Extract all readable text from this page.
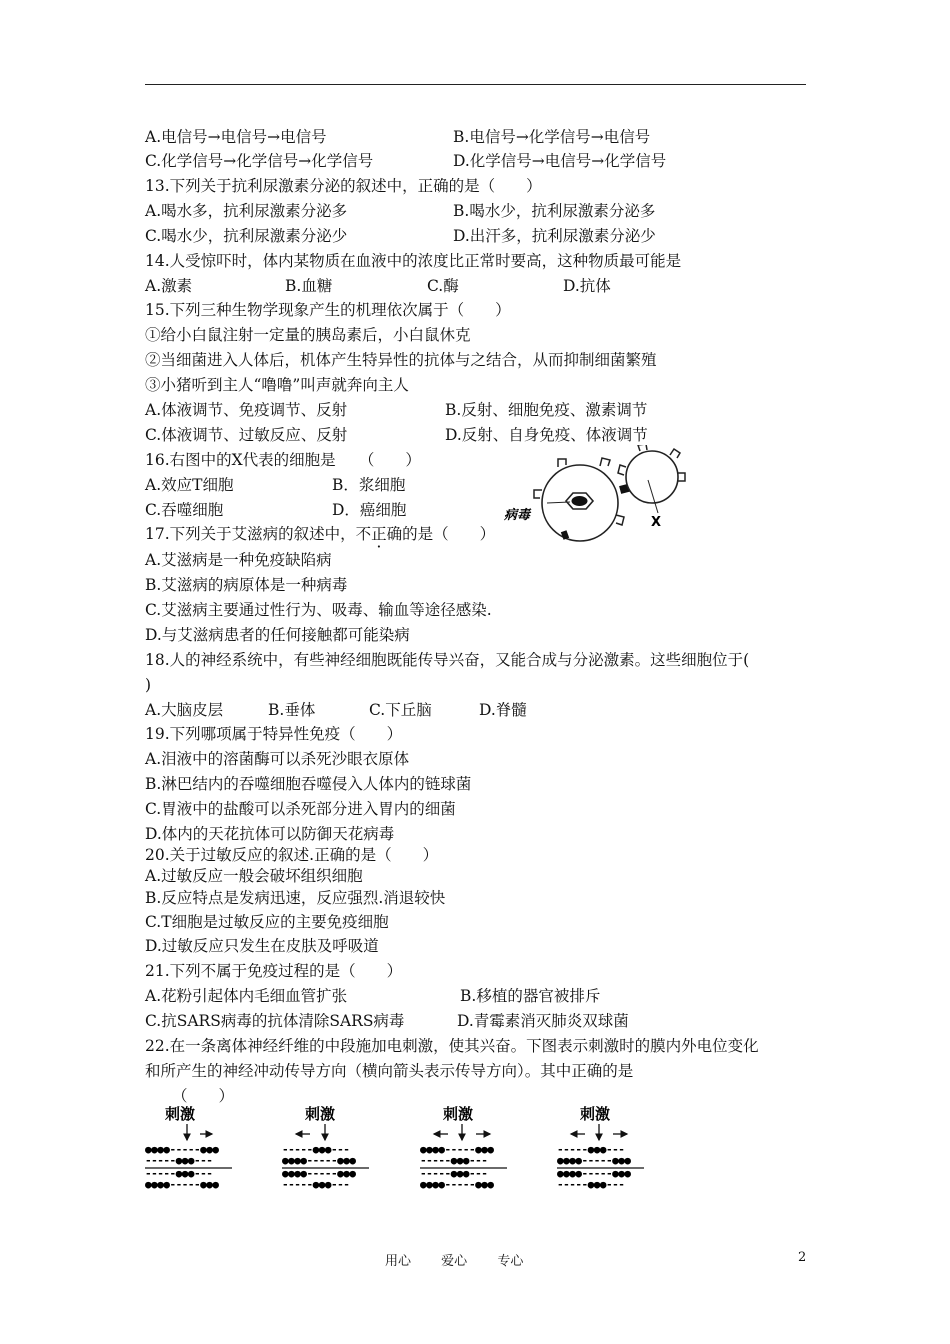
A.电信号→电信号→电信号	B.电信号→化学信号→电信号
C.化学信号→化学信号→化学信号	D.化学信号→电信号→化学信号
13.下列关于抗利尿激素分泌的叙述中，正确的是（　　）
A.喝水多，抗利尿激素分泌多	B.喝水少，抗利尿激素分泌多
C.喝水少，抗利尿激素分泌少	D.出汗多，抗利尿激素分泌少
14.人受惊吓时，体内某物质在血液中的浓度比正常时要高，这种物质最可能是
A.激素	B.血糖	C.酶	D.抗体
15.下列三种生物学现象产生的机理依次属于（　　）
①给小白鼠注射一定量的胰岛素后，小白鼠休克
②当细菌进入人体后，机体产生特异性的抗体与之结合，从而抑制细菌繁殖
③小猪听到主人“噜噜”叫声就奔向主人
A.体液调节、免疫调节、反射	B.反射、细胞免疫、激素调节
C.体液调节、过敏反应、反射	D.反射、自身免疫、体液调节
16.右图中的X代表的细胞是　　（　　）
A.效应T细胞	B．浆细胞
C.吞噬细胞	D．癌细胞	病毒	X
17.下列关于艾滋病的叙述中，不正确的是（　　）
A.艾滋病是一种免疫缺陷病
B.艾滋病的病原体是一种病毒
C.艾滋病主要通过性行为、吸毒、输血等途径感染.
D.与艾滋病患者的任何接触都可能染病
18.人的神经系统中，有些神经细胞既能传导兴奋，又能合成与分泌激素。这些细胞位于(
)
A.大脑皮层	B.垂体	C.下丘脑	D.脊髓
19.下列哪项属于特异性免疫（　　）
A.泪液中的溶菌酶可以杀死沙眼衣原体
B.淋巴结内的吞噬细胞吞噬侵入人体内的链球菌
C.胃液中的盐酸可以杀死部分进入胃内的细菌
D.体内的天花抗体可以防御天花病毒
20.关于过敏反应的叙述.正确的是（　　）
A.过敏反应一般会破坏组织细胞
B.反应特点是发病迅速，反应强烈.消退较快
C.T细胞是过敏反应的主要免疫细胞
D.过敏反应只发生在皮肤及呼吸道
21.下列不属于免疫过程的是（　　）
A.花粉引起体内毛细血管扩张	B.移植的器官被排斥
C.抗SARS病毒的抗体清除SARS病毒	D.青霉素消灭肺炎双球菌
22.在一条离体神经纤维的中段施加电刺激，使其兴奋。下图表示刺激时的膜内外电位变化
和所产生的神经冲动传导方向（横向箭头表示传导方向）。其中正确的是
（　　）
刺激
●●●●-----●●●
-----●●●---
-----●●●---
●●●●-----●●●
刺激
-----●●●---
●●●●-----●●●
●●●●-----●●●
-----●●●---
刺激
●●●●-----●●●
-----●●●---
-----●●●---
●●●●-----●●●
刺激
-----●●●---
●●●●-----●●●
●●●●-----●●●
-----●●●---
用心 爱心 专心	2
